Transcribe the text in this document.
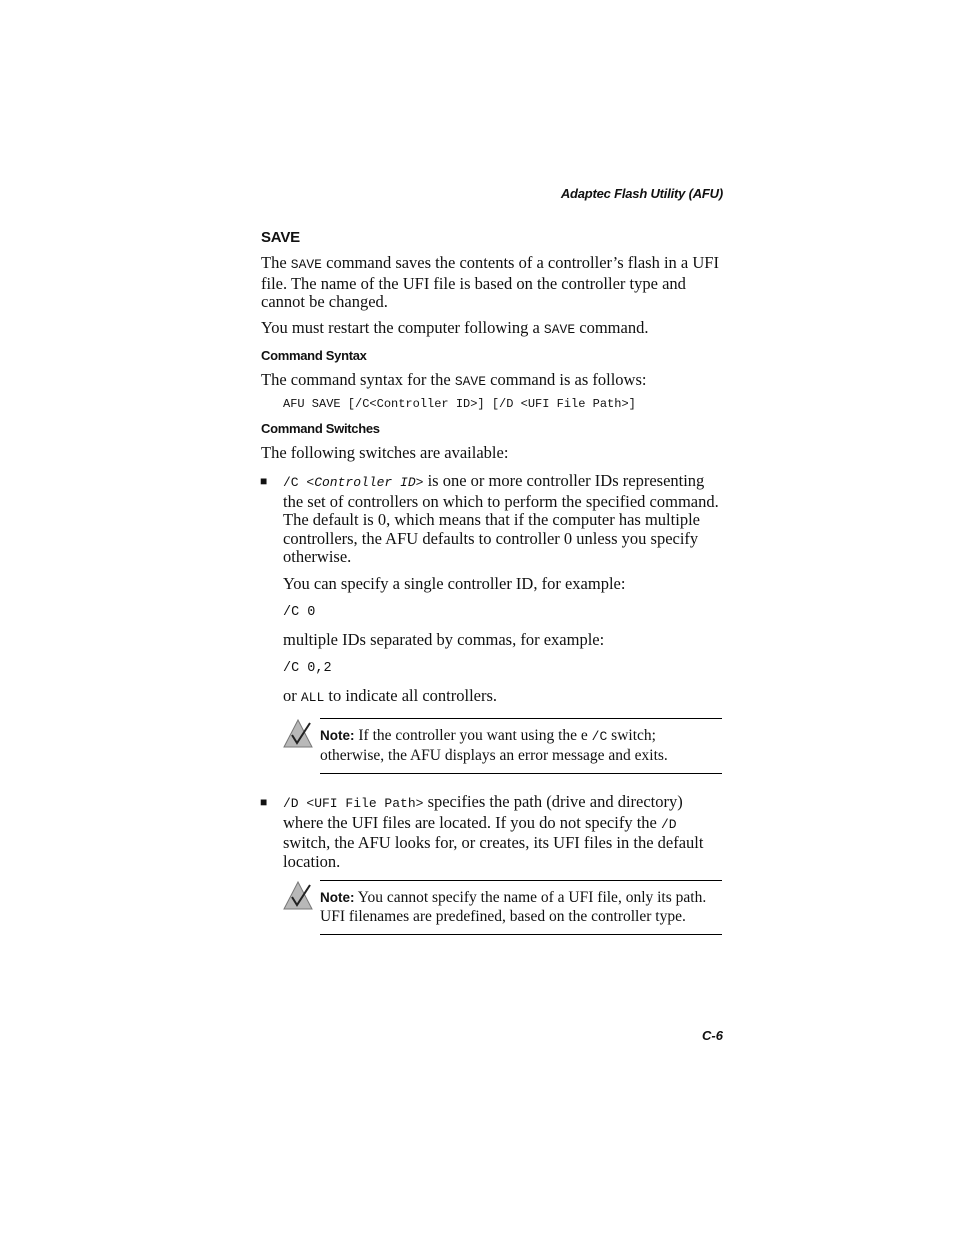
Adaptec Flash Utility (AFU)
SAVE
The SAVE command saves the contents of a controller’s flash in a UFI file. The name of the UFI file is based on the controller type and cannot be changed.
You must restart the computer following a SAVE command.
Command Syntax
The command syntax for the SAVE command is as follows:
AFU SAVE [/C<Controller ID>] [/D <UFI File Path>]
Command Switches
The following switches are available:
■ /C <Controller ID> is one or more controller IDs representing the set of controllers on which to perform the specified command. The default is 0, which means that if the computer has multiple controllers, the AFU defaults to controller 0 unless you specify otherwise.
You can specify a single controller ID, for example:
/C 0
multiple IDs separated by commas, for example:
/C 0,2
or ALL to indicate all controllers.
Note: If the controller you want using the e /C switch; otherwise, the AFU displays an error message and exits.
■ /D <UFI File Path> specifies the path (drive and directory) where the UFI files are located. If you do not specify the /D switch, the AFU looks for, or creates, its UFI files in the default location.
Note: You cannot specify the name of a UFI file, only its path. UFI filenames are predefined, based on the controller type.
C-6
